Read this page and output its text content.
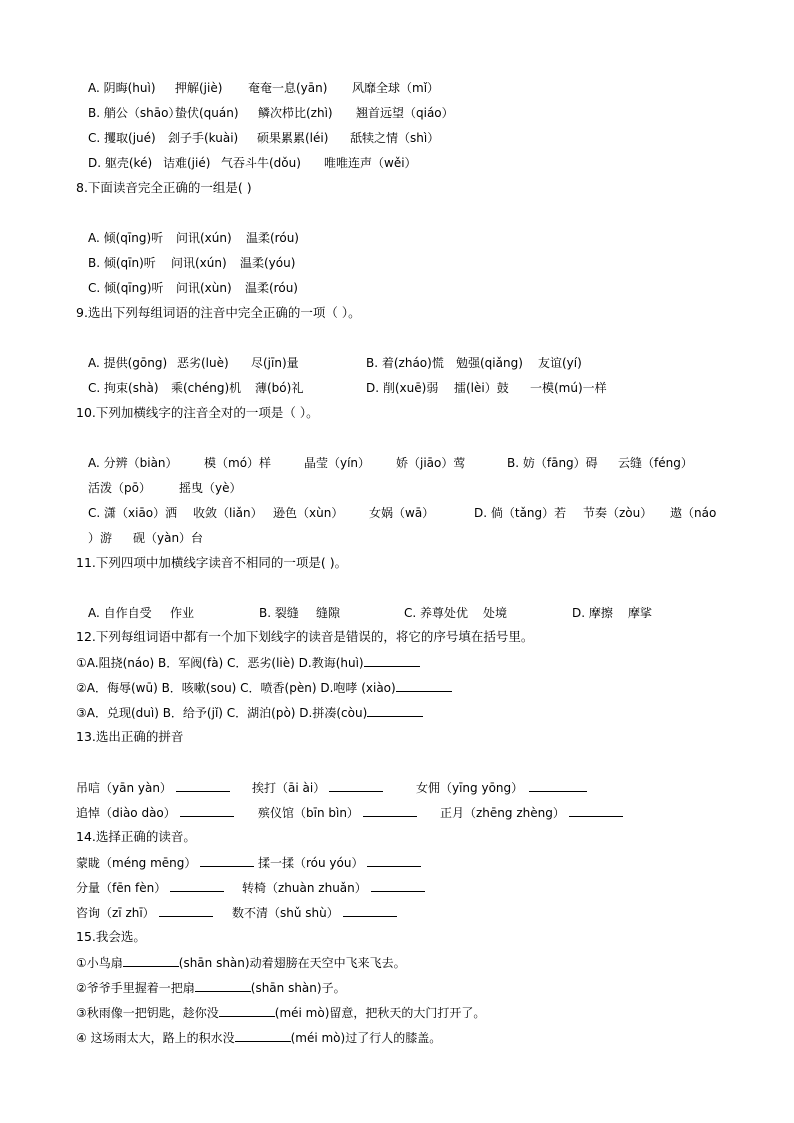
A. 阴晦(huì) 押解(jiè) 奄奄一息(yān) 风靡全球（mǐ）
B. 艄公（shāo）
蛰伏(quán) 鳞次栉比(zhì) 翘首远望（qiáo）
C. 攫取(jué) 刽子手(kuài) 硕果累累(léi) 舐犊之情（shì）
D. 躯壳(ké) 诘难(jié) 气吞斗牛(dǒu) 唯唯连声（wěi）
8.下面读音完全正确的一组是( )
A. 倾(qīng)听 问讯(xún) 温柔(róu)
B. 倾(qīn)听 问讯(xún) 温柔(yóu)
C. 倾(qīng)听 问讯(xùn) 温柔(róu)
9.选出下列每组词语的注音中完全正确的一项（ ）。
A. 提供(gōng) 恶劣(luè) 尽(jīn)量	B. 着(zháo)慌 勉强(qiǎng) 友谊(yí)
C. 拘束(shà) 乘(chéng)机 薄(bó)礼	D. 削(xuē)弱 擂(lèi）鼓 一模(mú)一样
10.下列加横线字的注音全对的一项是（ ）。
A. 分辨（biàn） 模（mó）样	晶莹（yín） 娇（jiāo）莺	B. 妨（fāng）碍 云缝（féng）
活泼（pō） 摇曳（yè）
C. 潇（xiāo）洒 收敛（liǎn） 逊色（xùn） 女娲（wā）	D. 倘（tǎng）若 节奏（zòu） 遨（náo
）游 砚（yàn）台
11.下列四项中加横线字读音不相同的一项是( )。
A. 自作自受 作业	B. 裂缝 缝隙	C. 养尊处优 处境	D. 摩擦 摩挲
12.下列每组词语中都有一个加下划线字的读音是错误的，将它的序号填在括号里。
①A.阻挠(náo) B．军阀(fà) C．恶劣(liè) D.教诲(huì)
②A．侮辱(wū) B．咳嗽(sou) C．喷香(pèn) D.咆哮 (xiào)
③A．兑现(duì) B．给予(jǐ) C．湖泊(pò) D.拼凑(còu)
13.选出正确的拼音
吊唁（yān yàn）	挨打（āi ài）	女佣（yīng yōng）
追悼（diào dào）	殡仪馆（bīn bìn）	正月（zhēng zhèng）
14.选择正确的读音。
蒙眬（méng mēng）	揉一揉（róu yóu）
分量（fēn fèn）	转椅（zhuàn zhuǎn）
咨询（zī zhī）	数不清（shǔ shù）
15.我会选。
①小鸟扇	(shān shàn)动着翅膀在天空中飞来飞去。
②爷爷手里握着一把扇	(shān shàn)子。
③秋雨像一把钥匙，趁你没	(méi mò)留意，把秋天的大门打开了。
④ 这场雨太大，路上的积水没	(méi mò)过了行人的膝盖。
